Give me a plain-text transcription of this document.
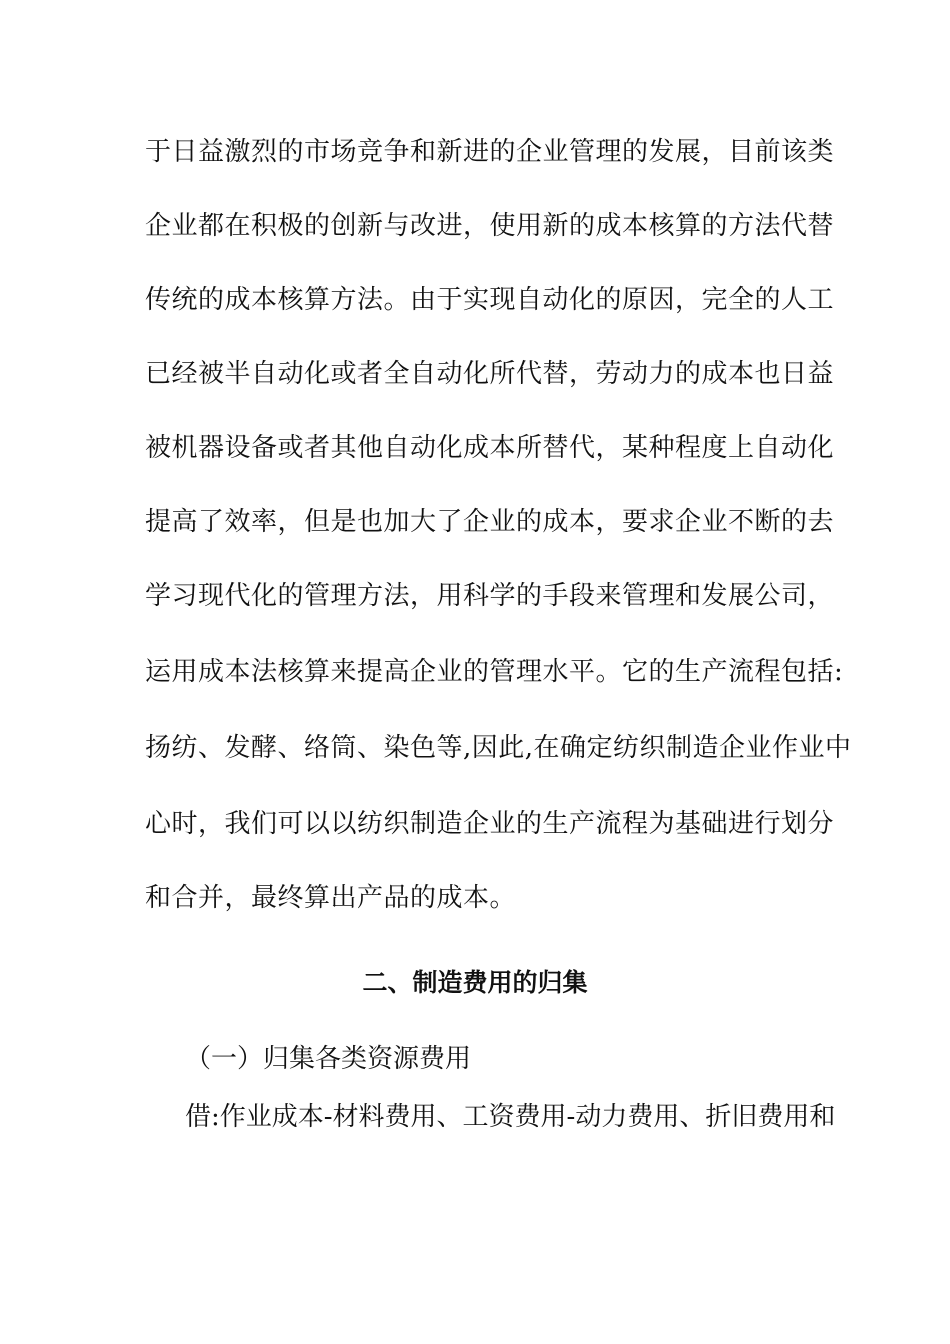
于日益激烈的市场竞争和新进的企业管理的发展，目前该类
企业都在积极的创新与改进，使用新的成本核算的方法代替
传统的成本核算方法。由于实现自动化的原因，完全的人工
已经被半自动化或者全自动化所代替，劳动力的成本也日益
被机器设备或者其他自动化成本所替代，某种程度上自动化
提高了效率，但是也加大了企业的成本，要求企业不断的去
学习现代化的管理方法，用科学的手段来管理和发展公司，
运用成本法核算来提高企业的管理水平。它的生产流程包括:
扬纺、发酵、络筒、染色等,因此,在确定纺织制造企业作业中
心时，我们可以以纺织制造企业的生产流程为基础进行划分
和合并，最终算出产品的成本。
二、制造费用的归集
（一）归集各类资源费用
借:作业成本-材料费用、工资费用-动力费用、折旧费用和
